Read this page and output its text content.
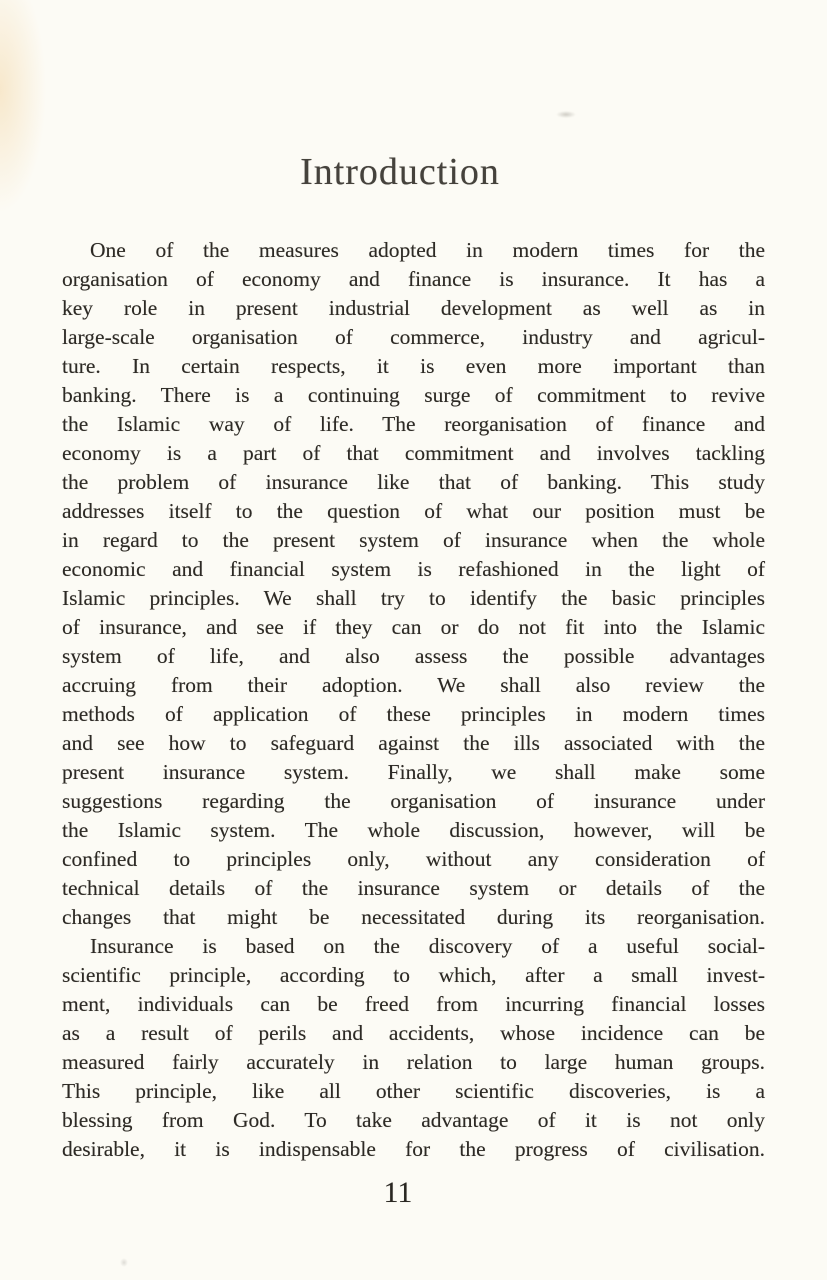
Introduction
One of the measures adopted in modern times for the
organisation of economy and finance is insurance. It has a
key role in present industrial development as well as in
large-scale organisation of commerce, industry and agricul-
ture. In certain respects, it is even more important than
banking. There is a continuing surge of commitment to revive
the Islamic way of life. The reorganisation of finance and
economy is a part of that commitment and involves tackling
the problem of insurance like that of banking. This study
addresses itself to the question of what our position must be
in regard to the present system of insurance when the whole
economic and financial system is refashioned in the light of
Islamic principles. We shall try to identify the basic principles
of insurance, and see if they can or do not fit into the Islamic
system of life, and also assess the possible advantages
accruing from their adoption. We shall also review the
methods of application of these principles in modern times
and see how to safeguard against the ills associated with the
present insurance system. Finally, we shall make some
suggestions regarding the organisation of insurance under
the Islamic system. The whole discussion, however, will be
confined to principles only, without any consideration of
technical details of the insurance system or details of the
changes that might be necessitated during its reorganisation.
Insurance is based on the discovery of a useful social-
scientific principle, according to which, after a small invest-
ment, individuals can be freed from incurring financial losses
as a result of perils and accidents, whose incidence can be
measured fairly accurately in relation to large human groups.
This principle, like all other scientific discoveries, is a
blessing from God. To take advantage of it is not only
desirable, it is indispensable for the progress of civilisation.
11
